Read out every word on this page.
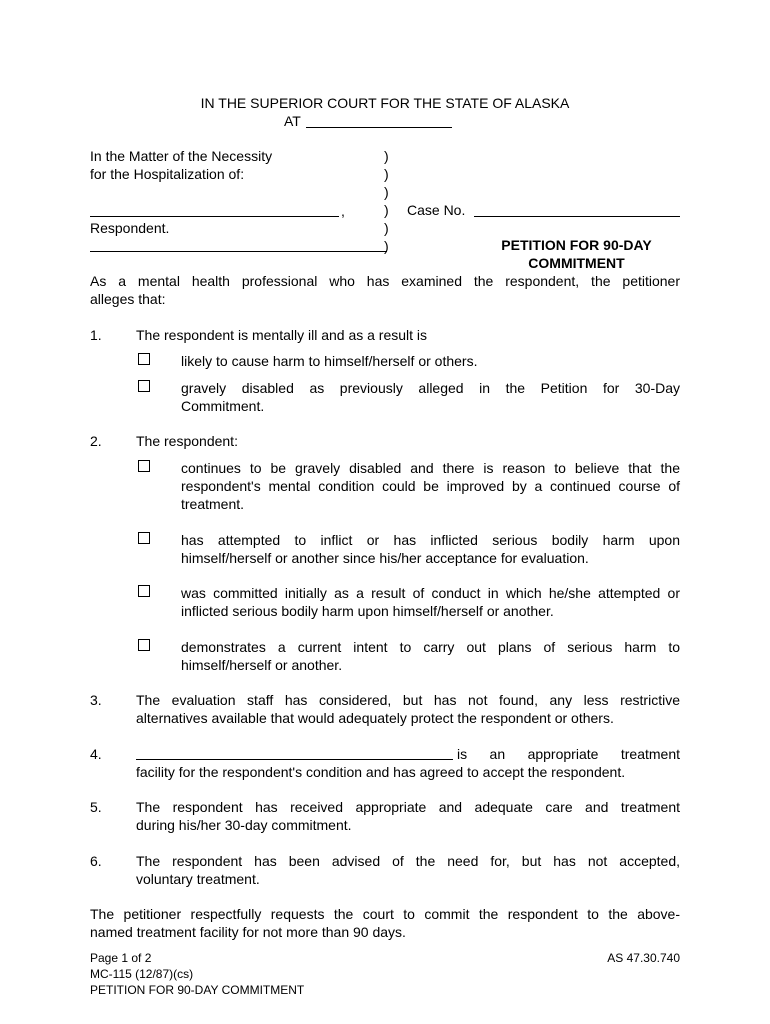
IN THE SUPERIOR COURT FOR THE STATE OF ALASKA
AT
In the Matter of the Necessity
for the Hospitalization of:
,
Respondent.
)
)
)
)
)
)
Case No.
PETITION FOR 90-DAY
COMMITMENT
As a mental health professional who has examined the respondent, the petitioner
alleges that:
1. The respondent is mentally ill and as a result is
likely to cause harm to himself/herself or others.
gravely disabled as previously alleged in the Petition for 30-Day
Commitment.
2. The respondent:
continues to be gravely disabled and there is reason to believe that the
respondent's mental condition could be improved by a continued course of
treatment.
has attempted to inflict or has inflicted serious bodily harm upon
himself/herself or another since his/her acceptance for evaluation.
was committed initially as a result of conduct in which he/she attempted or
inflicted serious bodily harm upon himself/herself or another.
demonstrates a current intent to carry out plans of serious harm to
himself/herself or another.
3. The evaluation staff has considered, but has not found, any less restrictive
alternatives available that would adequately protect the respondent or others.
4.	is an appropriate treatment
facility for the respondent's condition and has agreed to accept the respondent.
5. The respondent has received appropriate and adequate care and treatment
during his/her 30-day commitment.
6. The respondent has been advised of the need for, but has not accepted,
voluntary treatment.
The petitioner respectfully requests the court to commit the respondent to the above-
named treatment facility for not more than 90 days.
Page 1 of 2
MC-115 (12/87)(cs)
PETITION FOR 90-DAY COMMITMENT
AS 47.30.740
